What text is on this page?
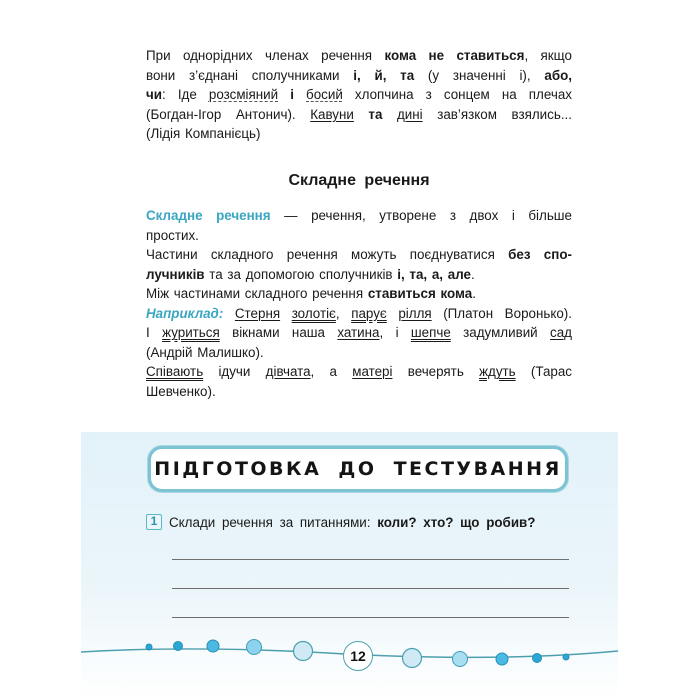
При однорідних членах речення кома не ставиться, якщо
вони з’єднані сполучниками і, й, та (у значенні і), або,
чи: Іде розсміяний і босий хлопчина з сонцем на плечах
(Богдан-Ігор Антонич). Кавуни та дині зав’язком взялись...
(Лідія Компанієць)
Складне речення
Складне речення — речення, утворене з двох і більше
простих.
Частини складного речення можуть поєднуватися без спо-
лучників та за допомогою сполучників і, та, а, але.
Між частинами складного речення ставиться кома.
Наприклад: Стерня золотіє, парує рілля (Платон Воронько).
І журиться вікнами наша хатина, і шепче задумливий сад
(Андрій Малишко).
Співають ідучи дівчата, а матері вечерять ждуть (Тарас
Шевченко).
ПІДГОТОВКА ДО ТЕСТУВАННЯ
1 Склади речення за питаннями:
коли? хто? що робив?
12
